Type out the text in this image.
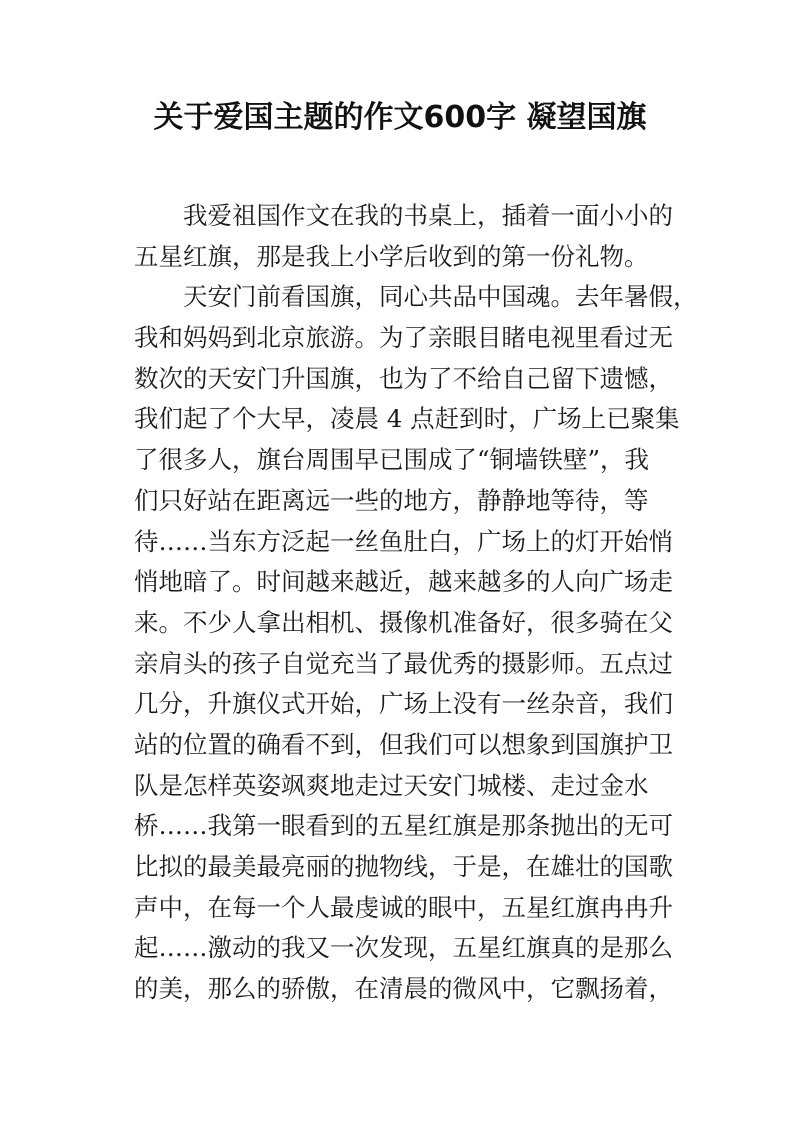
关于爱国主题的作文600字 凝望国旗
我爱祖国作文在我的书桌上，插着一面小小的
五星红旗，那是我上小学后收到的第一份礼物。
天安门前看国旗，同心共品中国魂。去年暑假，
我和妈妈到北京旅游。为了亲眼目睹电视里看过无
数次的天安门升国旗，也为了不给自己留下遗憾，
我们起了个大早，凌晨 4 点赶到时，广场上已聚集
了很多人，旗台周围早已围成了“铜墙铁壁”，我
们只好站在距离远一些的地方，静静地等待，等
待……当东方泛起一丝鱼肚白，广场上的灯开始悄
悄地暗了。时间越来越近，越来越多的人向广场走
来。不少人拿出相机、摄像机准备好，很多骑在父
亲肩头的孩子自觉充当了最优秀的摄影师。五点过
几分，升旗仪式开始，广场上没有一丝杂音，我们
站的位置的确看不到，但我们可以想象到国旗护卫
队是怎样英姿飒爽地走过天安门城楼、走过金水
桥……我第一眼看到的五星红旗是那条抛出的无可
比拟的最美最亮丽的抛物线，于是，在雄壮的国歌
声中，在每一个人最虔诚的眼中，五星红旗冉冉升
起……激动的我又一次发现，五星红旗真的是那么
的美，那么的骄傲，在清晨的微风中，它飘扬着，
